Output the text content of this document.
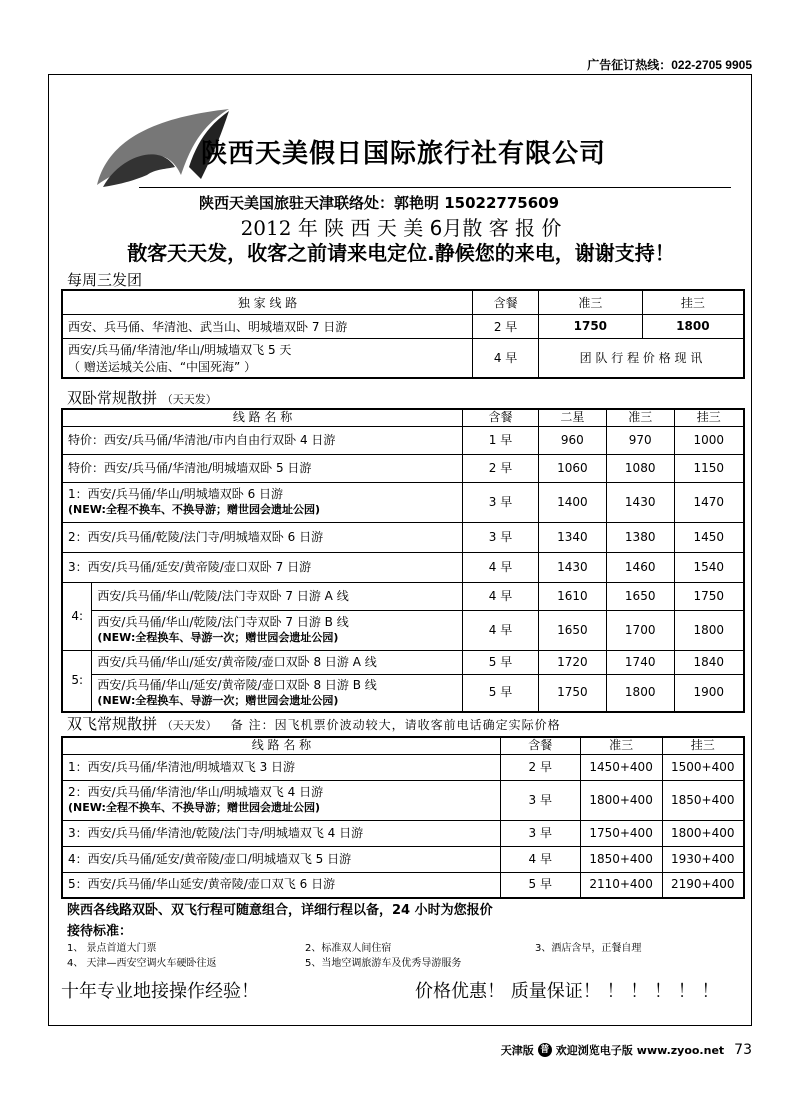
广告征订热线：022-2705 9905
陕西天美假日国际旅行社有限公司
陕西天美国旅驻天津联络处：郭艳明 15022775609
2012 年 陕 西 天 美 6月散 客 报 价
散客天天发，收客之前请来电定位.静候您的来电，谢谢支持！
每周三发团
独 家 线 路	含餐	准三	挂三
西安、兵马俑、华清池、武当山、明城墙双卧 7 日游	2 早	1750	1800

西安/兵马俑/华清池/华山/明城墙双飞 5 天
（ 赠送运城关公庙、“中国死海” ）	4 早	团 队 行 程 价 格 现 讯	
双卧常规散拼 （天天发）
线 路 名 称		含餐	二星	准三	挂三
特价：西安/兵马俑/华清池/市内自由行双卧 4 日游		1 早	960	970	1000
特价：西安/兵马俑/华清池/明城墙双卧 5 日游		2 早	1060	1080	1150

1：西安/兵马俑/华山/明城墙双卧 6 日游
(NEW:全程不换车、不换导游；赠世园会遗址公园)		3 早	1400	1430	1470
2：西安/兵马俑/乾陵/法门寺/明城墙双卧 6 日游		3 早	1340	1380	1450
3：西安/兵马俑/延安/黄帝陵/壶口双卧 7 日游		4 早	1430	1460	1540
4:	西安/兵马俑/华山/乾陵/法门寺双卧 7 日游 A 线	4 早	1610	1650	1750

	西安/兵马俑/华山/乾陵/法门寺双卧 7 日游 B 线
(NEW:全程换车、导游一次；赠世园会遗址公园)	4 早	1650	1700	1800
5:	西安/兵马俑/华山/延安/黄帝陵/壶口双卧 8 日游 A 线	5 早	1720	1740	1840

	西安/兵马俑/华山/延安/黄帝陵/壶口双卧 8 日游 B 线
(NEW:全程换车、导游一次；赠世园会遗址公园)	5 早	1750	1800	1900
双飞常规散拼 （天天发） 备 注：因飞机票价波动较大，请收客前电话确定实际价格
线 路 名 称	含餐	准三	挂三
1：西安/兵马俑/华清池/明城墙双飞 3 日游	2 早	1450+400	1500+400

2：西安/兵马俑/华清池/华山/明城墙双飞 4 日游
(NEW:全程不换车、不换导游；赠世园会遗址公园)	3 早	1800+400	1850+400
3：西安/兵马俑/华清池/乾陵/法门寺/明城墙双飞 4 日游	3 早	1750+400	1800+400
4：西安/兵马俑/延安/黄帝陵/壶口/明城墙双飞 5 日游	4 早	1850+400	1930+400
5：西安/兵马俑/华山延安/黄帝陵/壶口双飞 6 日游	5 早	2110+400	2190+400
陕西各线路双卧、双飞行程可随意组合，详细行程以备，24 小时为您报价
接待标准：
1、 景点首道大门票	2、标准双人间住宿	3、酒店含早，正餐自理
4、 天津—西安空调火车硬卧往返	5、当地空调旅游车及优秀导游服务
十年专业地接操作经验！	价格优惠！ 质量保证！ ！ ！ ！ ！ ！
天津版 普 欢迎浏览电子版 www.zyoo.net 73
